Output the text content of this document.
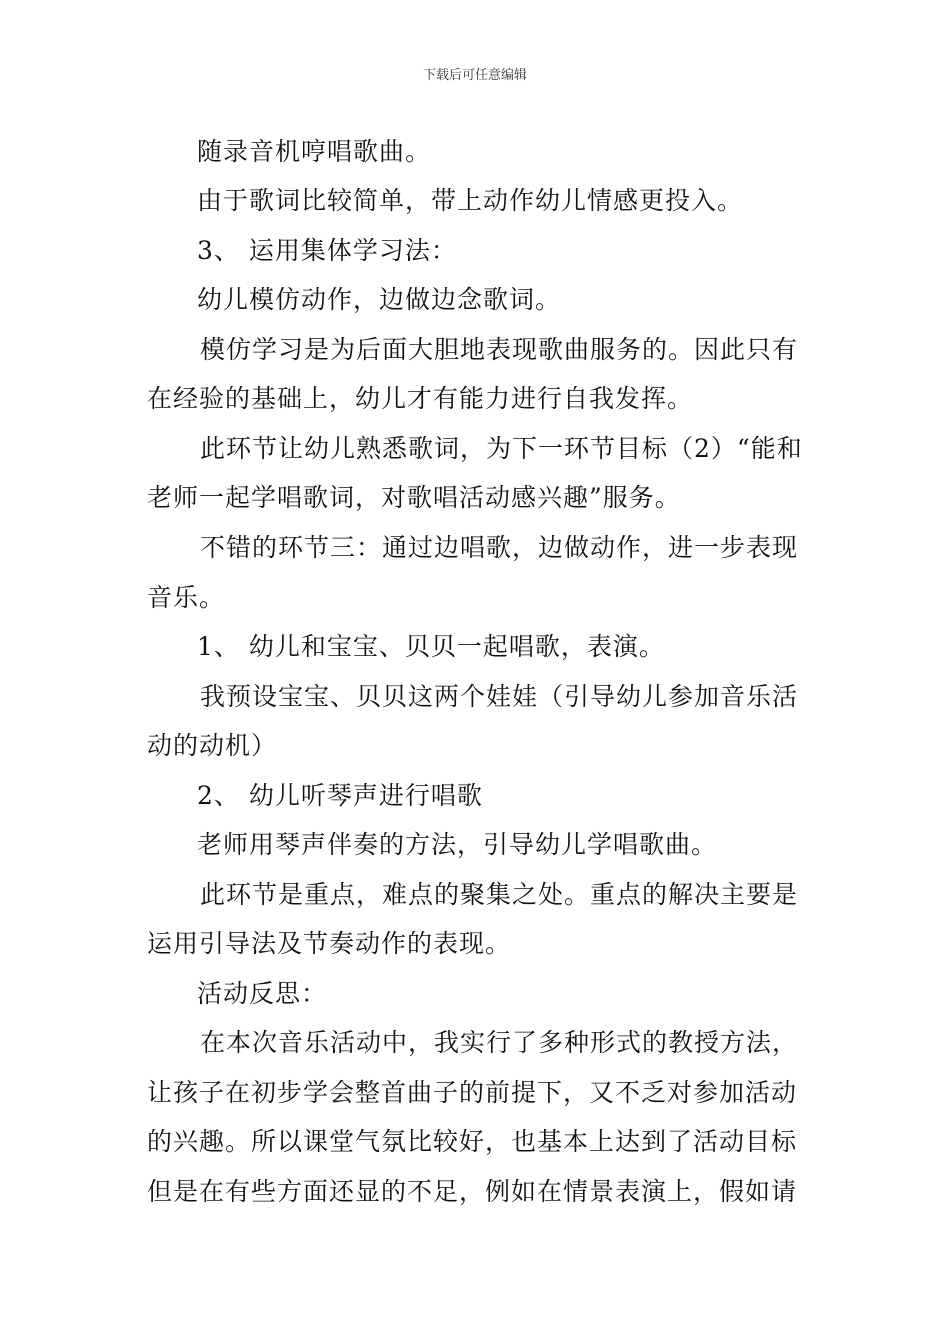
下载后可任意编辑
随录音机哼唱歌曲。
由于歌词比较简单，带上动作幼儿情感更投入。
3、 运用集体学习法：
幼儿模仿动作，边做边念歌词。
模仿学习是为后面大胆地表现歌曲服务的。因此只有
在经验的基础上，幼儿才有能力进行自我发挥。
此环节让幼儿熟悉歌词，为下一环节目标（2）“能和
老师一起学唱歌词，对歌唱活动感兴趣”服务。
不错的环节三：通过边唱歌，边做动作，进一步表现
音乐。
1、 幼儿和宝宝、贝贝一起唱歌，表演。
我预设宝宝、贝贝这两个娃娃（引导幼儿参加音乐活
动的动机）
2、 幼儿听琴声进行唱歌
老师用琴声伴奏的方法，引导幼儿学唱歌曲。
此环节是重点，难点的聚集之处。重点的解决主要是
运用引导法及节奏动作的表现。
活动反思：
在本次音乐活动中，我实行了多种形式的教授方法，
让孩子在初步学会整首曲子的前提下，又不乏对参加活动
的兴趣。所以课堂气氛比较好，也基本上达到了活动目标
但是在有些方面还显的不足，例如在情景表演上，假如请
